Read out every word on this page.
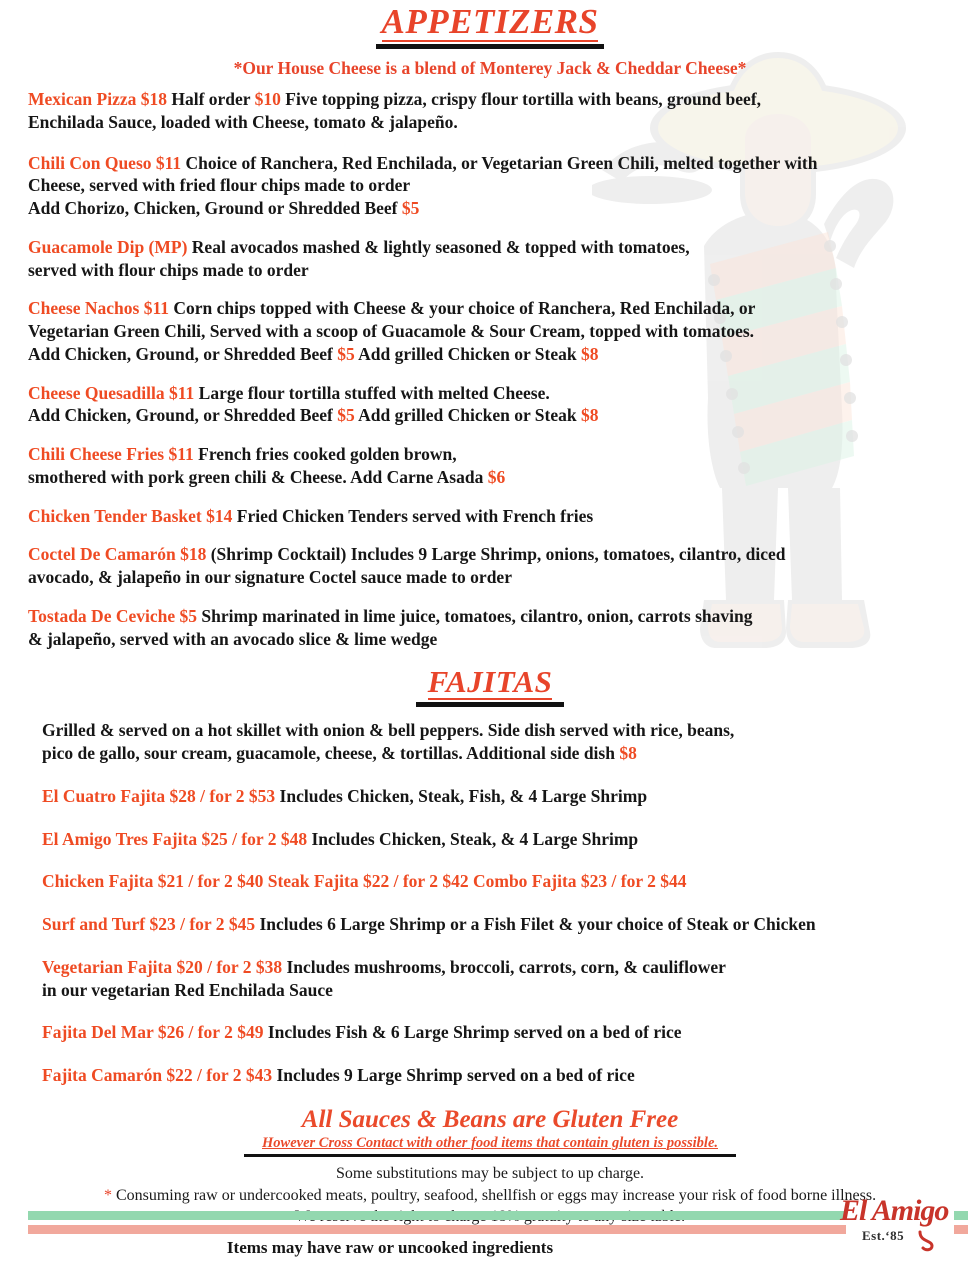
APPETIZERS
*Our House Cheese is a blend of Monterey Jack & Cheddar Cheese*
Mexican Pizza $18 Half order $10 Five topping pizza, crispy flour tortilla with beans, ground beef,
Enchilada Sauce, loaded with Cheese, tomato & jalapeño.
Chili Con Queso $11 Choice of Ranchera, Red Enchilada, or Vegetarian Green Chili, melted together with
Cheese, served with fried flour chips made to order
Add Chorizo, Chicken, Ground or Shredded Beef $5
Guacamole Dip (MP) Real avocados mashed & lightly seasoned & topped with tomatoes,
served with flour chips made to order
Cheese Nachos $11 Corn chips topped with Cheese & your choice of Ranchera, Red Enchilada, or
Vegetarian Green Chili, Served with a scoop of Guacamole & Sour Cream, topped with tomatoes.
Add Chicken, Ground, or Shredded Beef $5 Add grilled Chicken or Steak $8
Cheese Quesadilla $11 Large flour tortilla stuffed with melted Cheese.
Add Chicken, Ground, or Shredded Beef $5 Add grilled Chicken or Steak $8
Chili Cheese Fries $11 French fries cooked golden brown,
smothered with pork green chili & Cheese. Add Carne Asada $6
Chicken Tender Basket $14 Fried Chicken Tenders served with French fries
Coctel De Camarón $18 (Shrimp Cocktail) Includes 9 Large Shrimp, onions, tomatoes, cilantro, diced
avocado, & jalapeño in our signature Coctel sauce made to order
Tostada De Ceviche $5 Shrimp marinated in lime juice, tomatoes, cilantro, onion, carrots shaving
& jalapeño, served with an avocado slice & lime wedge
FAJITAS
Grilled & served on a hot skillet with onion & bell peppers. Side dish served with rice, beans,
pico de gallo, sour cream, guacamole, cheese, & tortillas. Additional side dish $8
El Cuatro Fajita $28 / for 2 $53 Includes Chicken, Steak, Fish, & 4 Large Shrimp
El Amigo Tres Fajita $25 / for 2 $48 Includes Chicken, Steak, & 4 Large Shrimp
Chicken Fajita $21 / for 2 $40 Steak Fajita $22 / for 2 $42 Combo Fajita $23 / for 2 $44
Surf and Turf $23 / for 2 $45 Includes 6 Large Shrimp or a Fish Filet & your choice of Steak or Chicken
Vegetarian Fajita $20 / for 2 $38 Includes mushrooms, broccoli, carrots, corn, & cauliflower
in our vegetarian Red Enchilada Sauce
Fajita Del Mar $26 / for 2 $49 Includes Fish & 6 Large Shrimp served on a bed of rice
Fajita Camarón $22 / for 2 $43 Includes 9 Large Shrimp served on a bed of rice
All Sauces & Beans are Gluten Free
However Cross Contact with other food items that contain gluten is possible.
Some substitutions may be subject to up charge.
* Consuming raw or undercooked meats, poultry, seafood, shellfish or eggs may increase your risk of food borne illness.
El Amigo
Est.‘85
Items may have raw or uncooked ingredients
